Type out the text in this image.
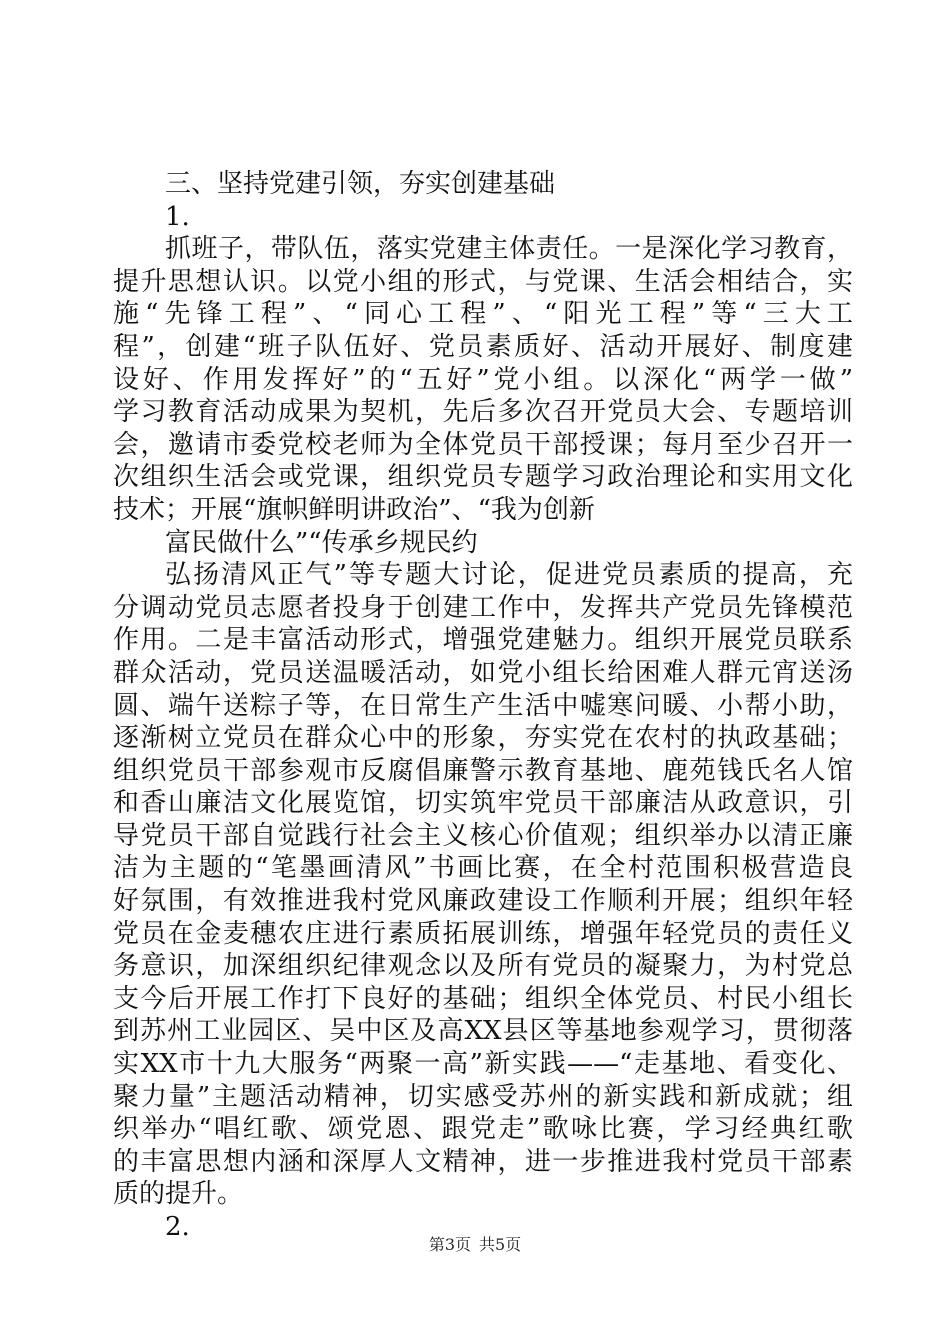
三、坚持党建引领，夯实创建基础
1.
抓班子，带队伍，落实党建主体责任。一是深化学习教育，
提升思想认识。以党小组的形式，与党课、生活会相结合，实
施“先锋工程”、“同心工程”、“阳光工程”等“三大工
程”，创建“班子队伍好、党员素质好、活动开展好、制度建
设好、作用发挥好”的“五好”党小组。以深化“两学一做”
学习教育活动成果为契机，先后多次召开党员大会、专题培训
会，邀请市委党校老师为全体党员干部授课；每月至少召开一
次组织生活会或党课，组织党员专题学习政治理论和实用文化
技术；开展“旗帜鲜明讲政治”、“我为创新
富民做什么”“传承乡规民约
弘扬清风正气”等专题大讨论，促进党员素质的提高，充
分调动党员志愿者投身于创建工作中，发挥共产党员先锋模范
作用。二是丰富活动形式，增强党建魅力。组织开展党员联系
群众活动，党员送温暖活动，如党小组长给困难人群元宵送汤
圆、端午送粽子等，在日常生产生活中嘘寒问暖、小帮小助，
逐渐树立党员在群众心中的形象，夯实党在农村的执政基础；
组织党员干部参观市反腐倡廉警示教育基地、鹿苑钱氏名人馆
和香山廉洁文化展览馆，切实筑牢党员干部廉洁从政意识，引
导党员干部自觉践行社会主义核心价值观；组织举办以清正廉
洁为主题的“笔墨画清风”书画比赛，在全村范围积极营造良
好氛围，有效推进我村党风廉政建设工作顺利开展；组织年轻
党员在金麦穗农庄进行素质拓展训练，增强年轻党员的责任义
务意识，加深组织纪律观念以及所有党员的凝聚力，为村党总
支今后开展工作打下良好的基础；组织全体党员、村民小组长
到苏州工业园区、吴中区及高XX县区等基地参观学习，贯彻落
实XX市十九大服务“两聚一高”新实践——“走基地、看变化、
聚力量”主题活动精神，切实感受苏州的新实践和新成就；组
织举办“唱红歌、颂党恩、跟党走”歌咏比赛，学习经典红歌
的丰富思想内涵和深厚人文精神，进一步推进我村党员干部素
质的提升。
2.
第3页 共5页
